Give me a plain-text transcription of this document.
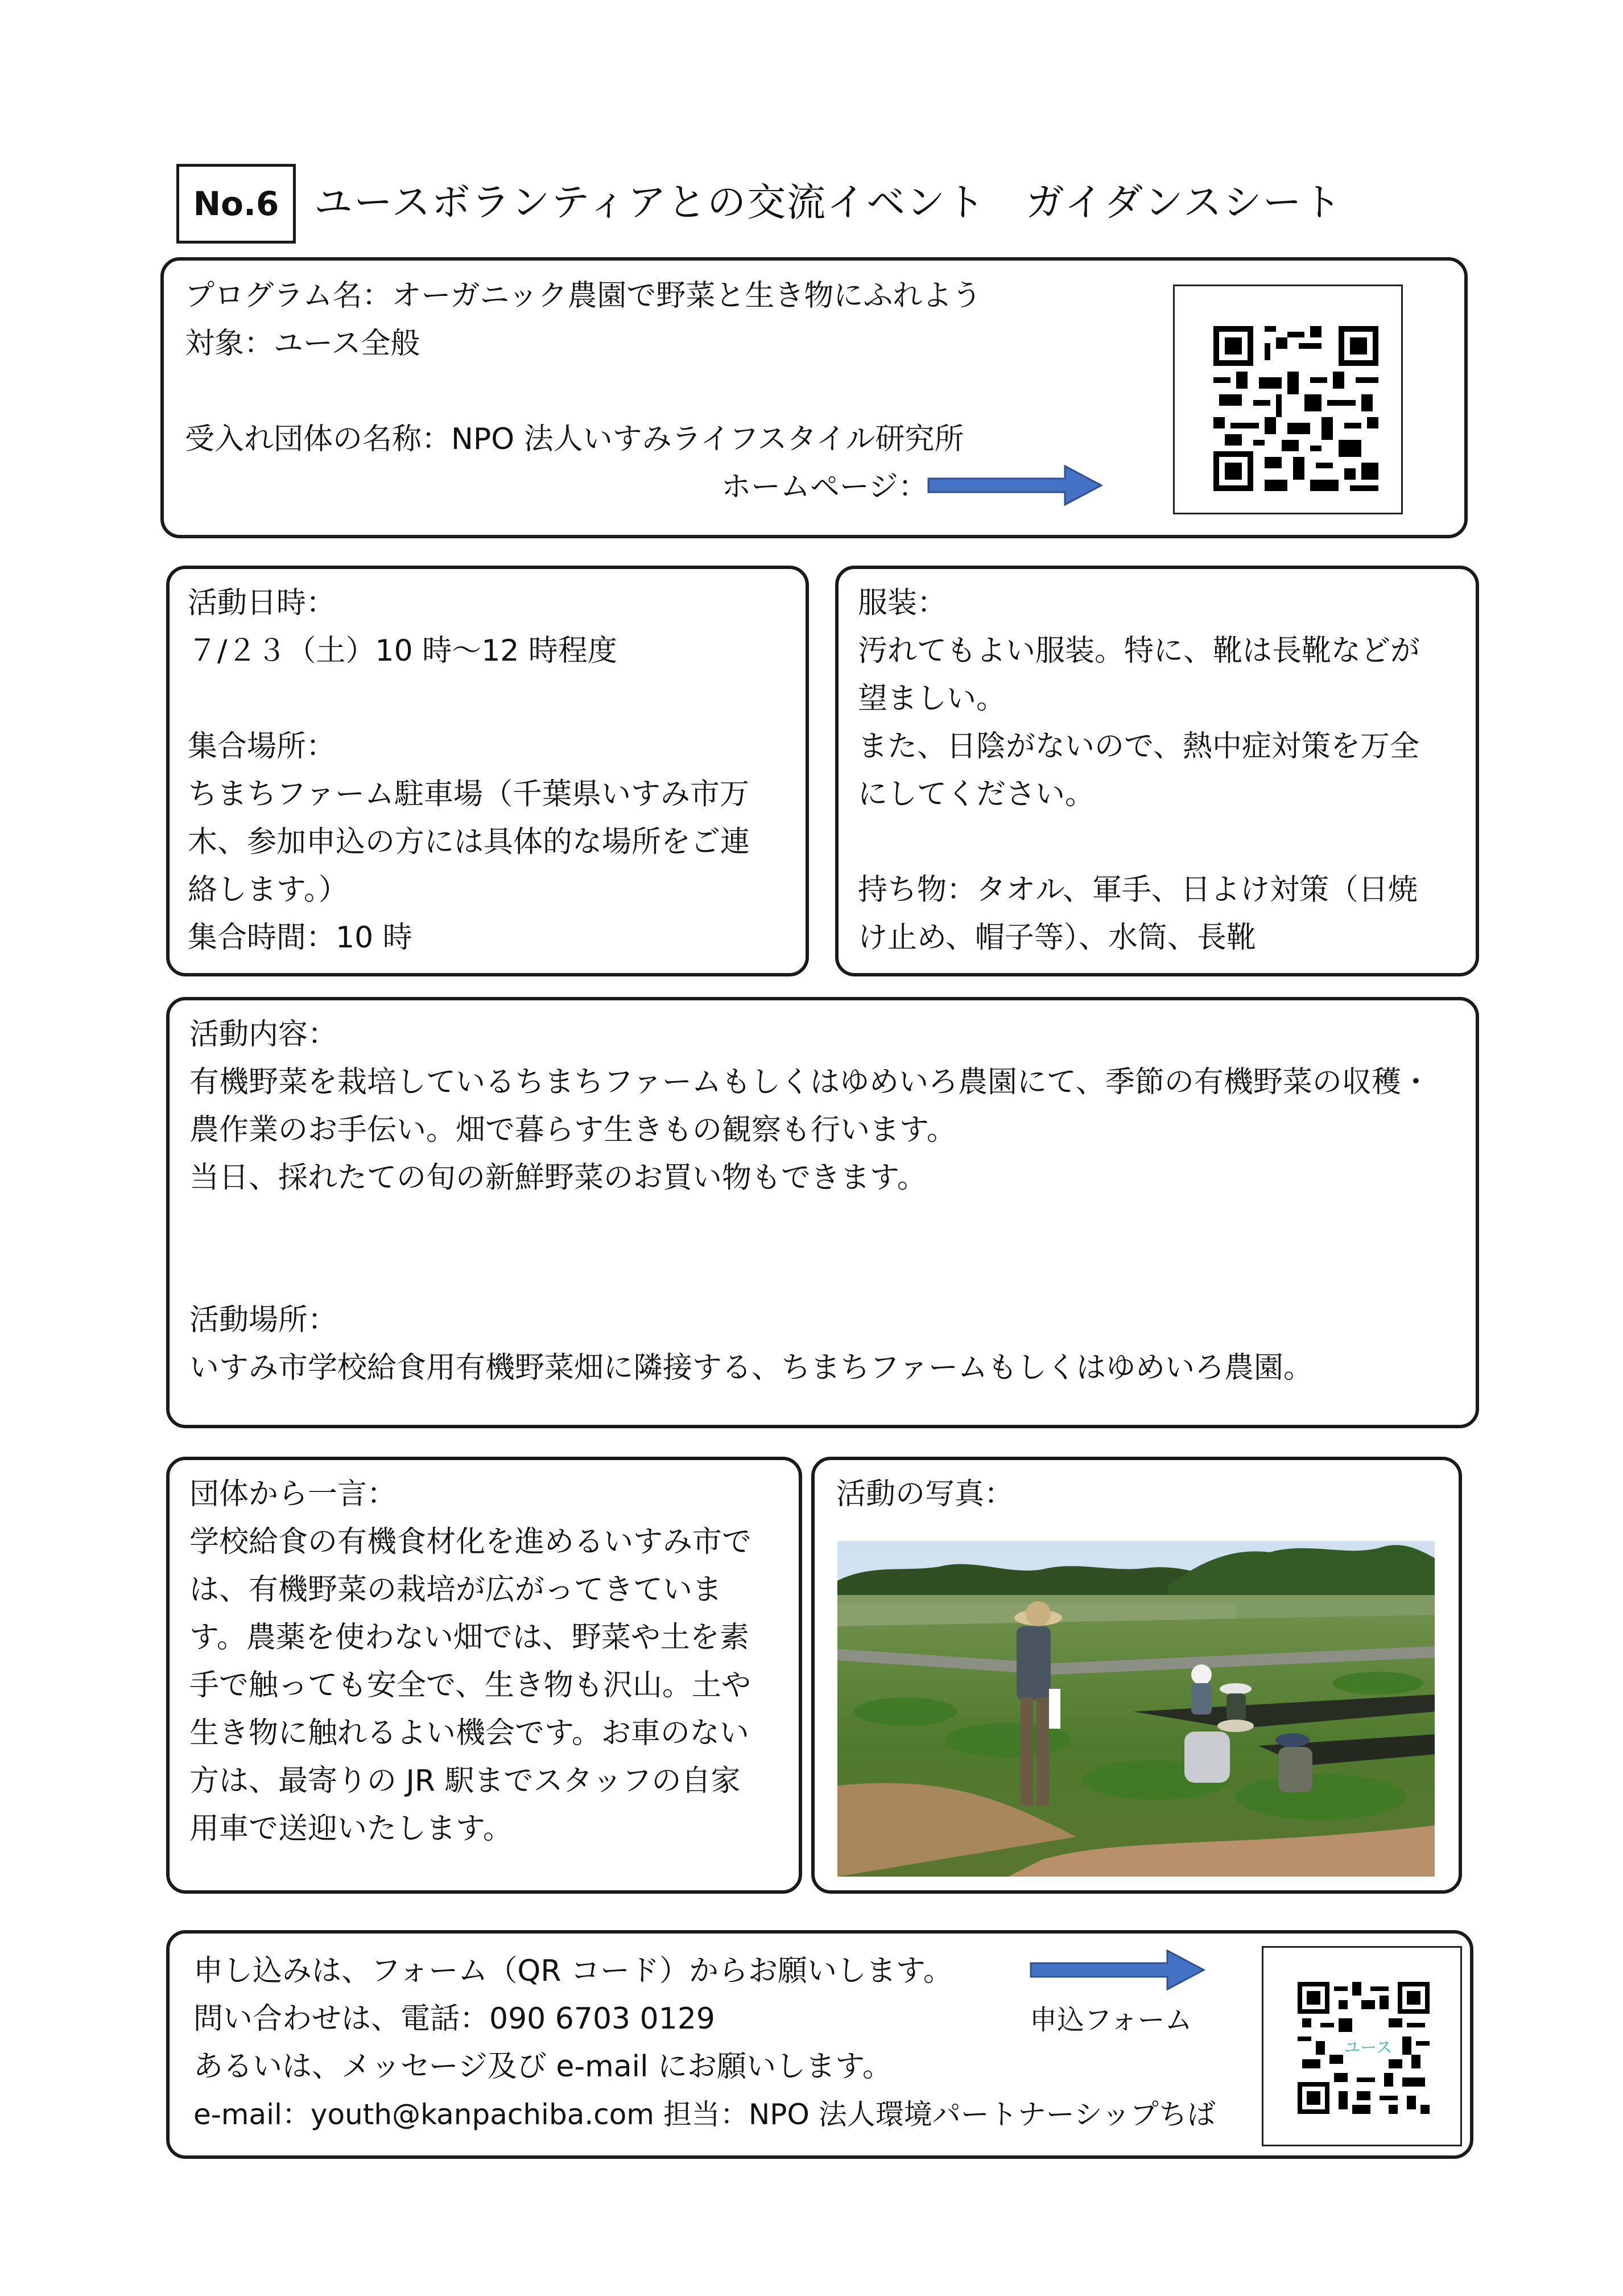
No.6 ユースボランティアとの交流イベント　ガイダンスシート
プログラム名：オーガニック農園で野菜と生き物にふれよう
対象：ユース全般
受入れ団体の名称：NPO 法人いすみライフスタイル研究所
ホームページ：
活動日時：
７/２３（土）10 時～12 時程度
集合場所：
ちまちファーム駐車場（千葉県いすみ市万
木、参加申込の方には具体的な場所をご連
絡します。）
集合時間：10 時
服装：
汚れてもよい服装。特に、靴は長靴などが
望ましい。
また、日陰がないので、熱中症対策を万全
にしてください。
持ち物：タオル、軍手、日よけ対策（日焼
け止め、帽子等）、水筒、長靴
活動内容：
有機野菜を栽培しているちまちファームもしくはゆめいろ農園にて、季節の有機野菜の収穫・
農作業のお手伝い。畑で暮らす生きもの観察も行います。
当日、採れたての旬の新鮮野菜のお買い物もできます。
活動場所：
いすみ市学校給食用有機野菜畑に隣接する、ちまちファームもしくはゆめいろ農園。
団体から一言：
学校給食の有機食材化を進めるいすみ市で
は、有機野菜の栽培が広がってきていま
す。農薬を使わない畑では、野菜や土を素
手で触っても安全で、生き物も沢山。土や
生き物に触れるよい機会です。お車のない
方は、最寄りの JR 駅までスタッフの自家
用車で送迎いたします。
活動の写真：
申し込みは、フォーム（QR コード）からお願いします。
問い合わせは、電話：090 6703 0129
あるいは、メッセージ及び e-mail にお願いします。
e-mail：youth@kanpachiba.com 担当：NPO 法人環境パートナーシップちば
申込フォーム
ユース
